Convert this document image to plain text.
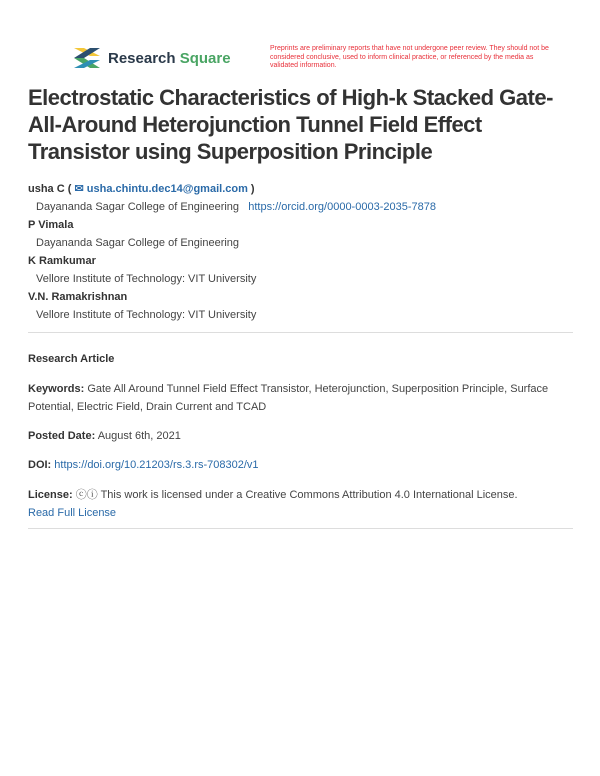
Research Square
Preprints are preliminary reports that have not undergone peer review. They should not be considered conclusive, used to inform clinical practice, or referenced by the media as validated information.
Electrostatic Characteristics of High-k Stacked Gate-All-Around Heterojunction Tunnel Field Effect Transistor using Superposition Principle
usha C ( ✉ usha.chintu.dec14@gmail.com )
Dayananda Sagar College of Engineering https://orcid.org/0000-0003-2035-7878
P Vimala
Dayananda Sagar College of Engineering
K Ramkumar
Vellore Institute of Technology: VIT University
V.N. Ramakrishnan
Vellore Institute of Technology: VIT University
Research Article
Keywords: Gate All Around Tunnel Field Effect Transistor, Heterojunction, Superposition Principle, Surface Potential, Electric Field, Drain Current and TCAD
Posted Date: August 6th, 2021
DOI: https://doi.org/10.21203/rs.3.rs-708302/v1
License: ⓒⓘ This work is licensed under a Creative Commons Attribution 4.0 International License.
Read Full License
